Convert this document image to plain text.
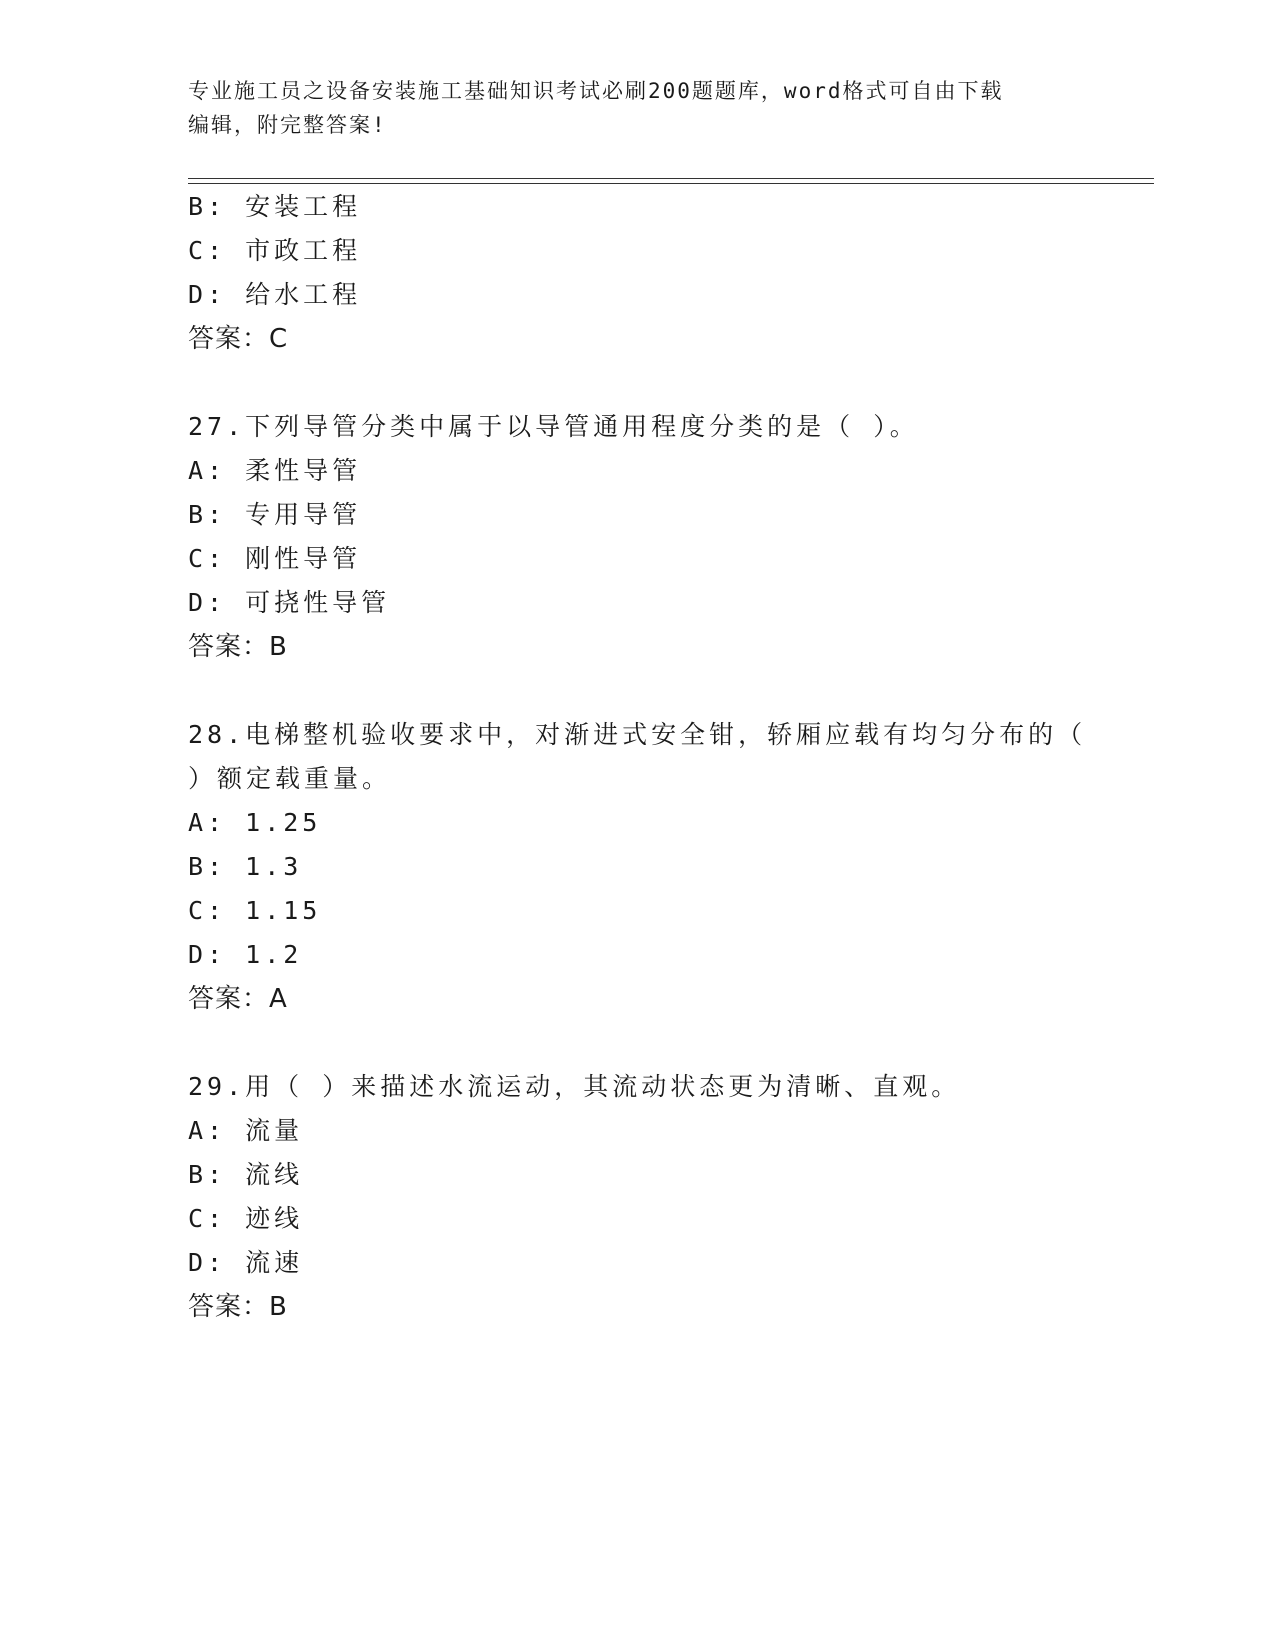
专业施工员之设备安装施工基础知识考试必刷200题题库，word格式可自由下载
编辑，附完整答案!
B: 安装工程
C: 市政工程
D: 给水工程
答案：C
27.下列导管分类中属于以导管通用程度分类的是（ ）。
A: 柔性导管
B: 专用导管
C: 刚性导管
D: 可挠性导管
答案：B
28.电梯整机验收要求中，对渐进式安全钳，轿厢应载有均匀分布的（
）额定载重量。
A: 1.25
B: 1.3
C: 1.15
D: 1.2
答案：A
29.用（ ）来描述水流运动，其流动状态更为清晰、直观。
A: 流量
B: 流线
C: 迹线
D: 流速
答案：B
